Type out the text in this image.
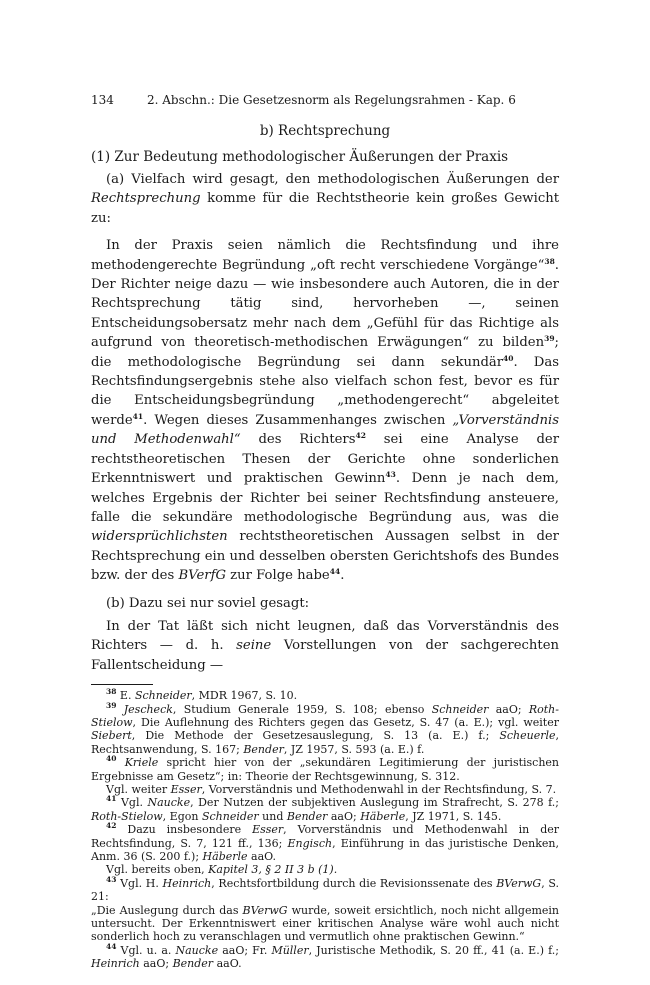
134	2. Abschn.: Die Gesetzesnorm als Regelungsrahmen - Kap. 6
b) Rechtsprechung
(1) Zur Bedeutung methodologischer Äußerungen der Praxis

(a) Vielfach wird gesagt, den methodologischen Äußerungen der Rechtsprechung komme für die Rechtstheorie kein großes Gewicht zu:

In der Praxis seien nämlich die Rechtsfindung und ihre methodengerechte Begründung „oft recht verschiedene Vorgänge“$^{38}$. Der Richter neige dazu — wie insbesondere auch Autoren, die in der Rechtsprechung tätig sind, hervorheben —, seinen Entscheidungsobersatz mehr nach dem „Gefühl für das Richtige als aufgrund von theoretisch-methodischen Erwägungen“ zu bilden$^{39}$; die methodologische Begründung sei dann sekundär$^{40}$. Das Rechtsfindungsergebnis stehe also vielfach schon fest, bevor es für die Entscheidungsbegründung „methodengerecht“ abgeleitet werde$^{41}$. Wegen dieses Zusammenhanges zwischen „Vorverständnis und Methodenwahl“ des Richters$^{42}$ sei eine Analyse der rechtstheoretischen Thesen der Gerichte ohne sonderlichen Erkenntniswert und praktischen Gewinn$^{43}$. Denn je nach dem, welches Ergebnis der Richter bei seiner Rechtsfindung ansteuere, falle die sekundäre methodologische Begründung aus, was die widersprüchlichsten rechtstheoretischen Aussagen selbst in der Rechtsprechung ein und desselben obersten Gerichtshofs des Bundes bzw. der des BVerfG zur Folge habe$^{44}$.

(b) Dazu sei nur soviel gesagt:

In der Tat läßt sich nicht leugnen, daß das Vorverständnis des Richters — d. h. seine Vorstellungen von der sachgerechten Fallentscheidung —

$^{38}$ E. Schneider, MDR 1967, S. 10.

$^{39}$ Jescheck, Studium Generale 1959, S. 108; ebenso Schneider aaO; Roth-Stielow, Die Auflehnung des Richters gegen das Gesetz, S. 47 (a. E.); vgl. weiter Siebert, Die Methode der Gesetzesauslegung, S. 13 (a. E.) f.; Scheuerle, Rechtsanwendung, S. 167; Bender, JZ 1957, S. 593 (a. E.) f.

$^{40}$ Kriele spricht hier von der „sekundären Legitimierung der juristischen Ergebnisse am Gesetz“; in: Theorie der Rechtsgewinnung, S. 312.

Vgl. weiter Esser, Vorverständnis und Methodenwahl in der Rechtsfindung, S. 7.

$^{41}$ Vgl. Naucke, Der Nutzen der subjektiven Auslegung im Strafrecht, S. 278 f.; Roth-Stielow, Egon Schneider und Bender aaO; Häberle, JZ 1971, S. 145.

$^{42}$ Dazu insbesondere Esser, Vorverständnis und Methodenwahl in der Rechtsfindung, S. 7, 121 ff., 136; Engisch, Einführung in das juristische Denken, Anm. 36 (S. 200 f.); Häberle aaO.

Vgl. bereits oben, Kapitel 3, § 2 II 3 b (1).

$^{43}$ Vgl. H. Heinrich, Rechtsfortbildung durch die Revisionssenate des BVerwG, S. 21:

„Die Auslegung durch das BVerwG wurde, soweit ersichtlich, noch nicht allgemein untersucht. Der Erkenntniswert einer kritischen Analyse wäre wohl auch nicht sonderlich hoch zu veranschlagen und vermutlich ohne praktischen Gewinn.“

$^{44}$ Vgl. u. a. Naucke aaO; Fr. Müller, Juristische Methodik, S. 20 ff., 41 (a. E.) f.; Heinrich aaO; Bender aaO.
